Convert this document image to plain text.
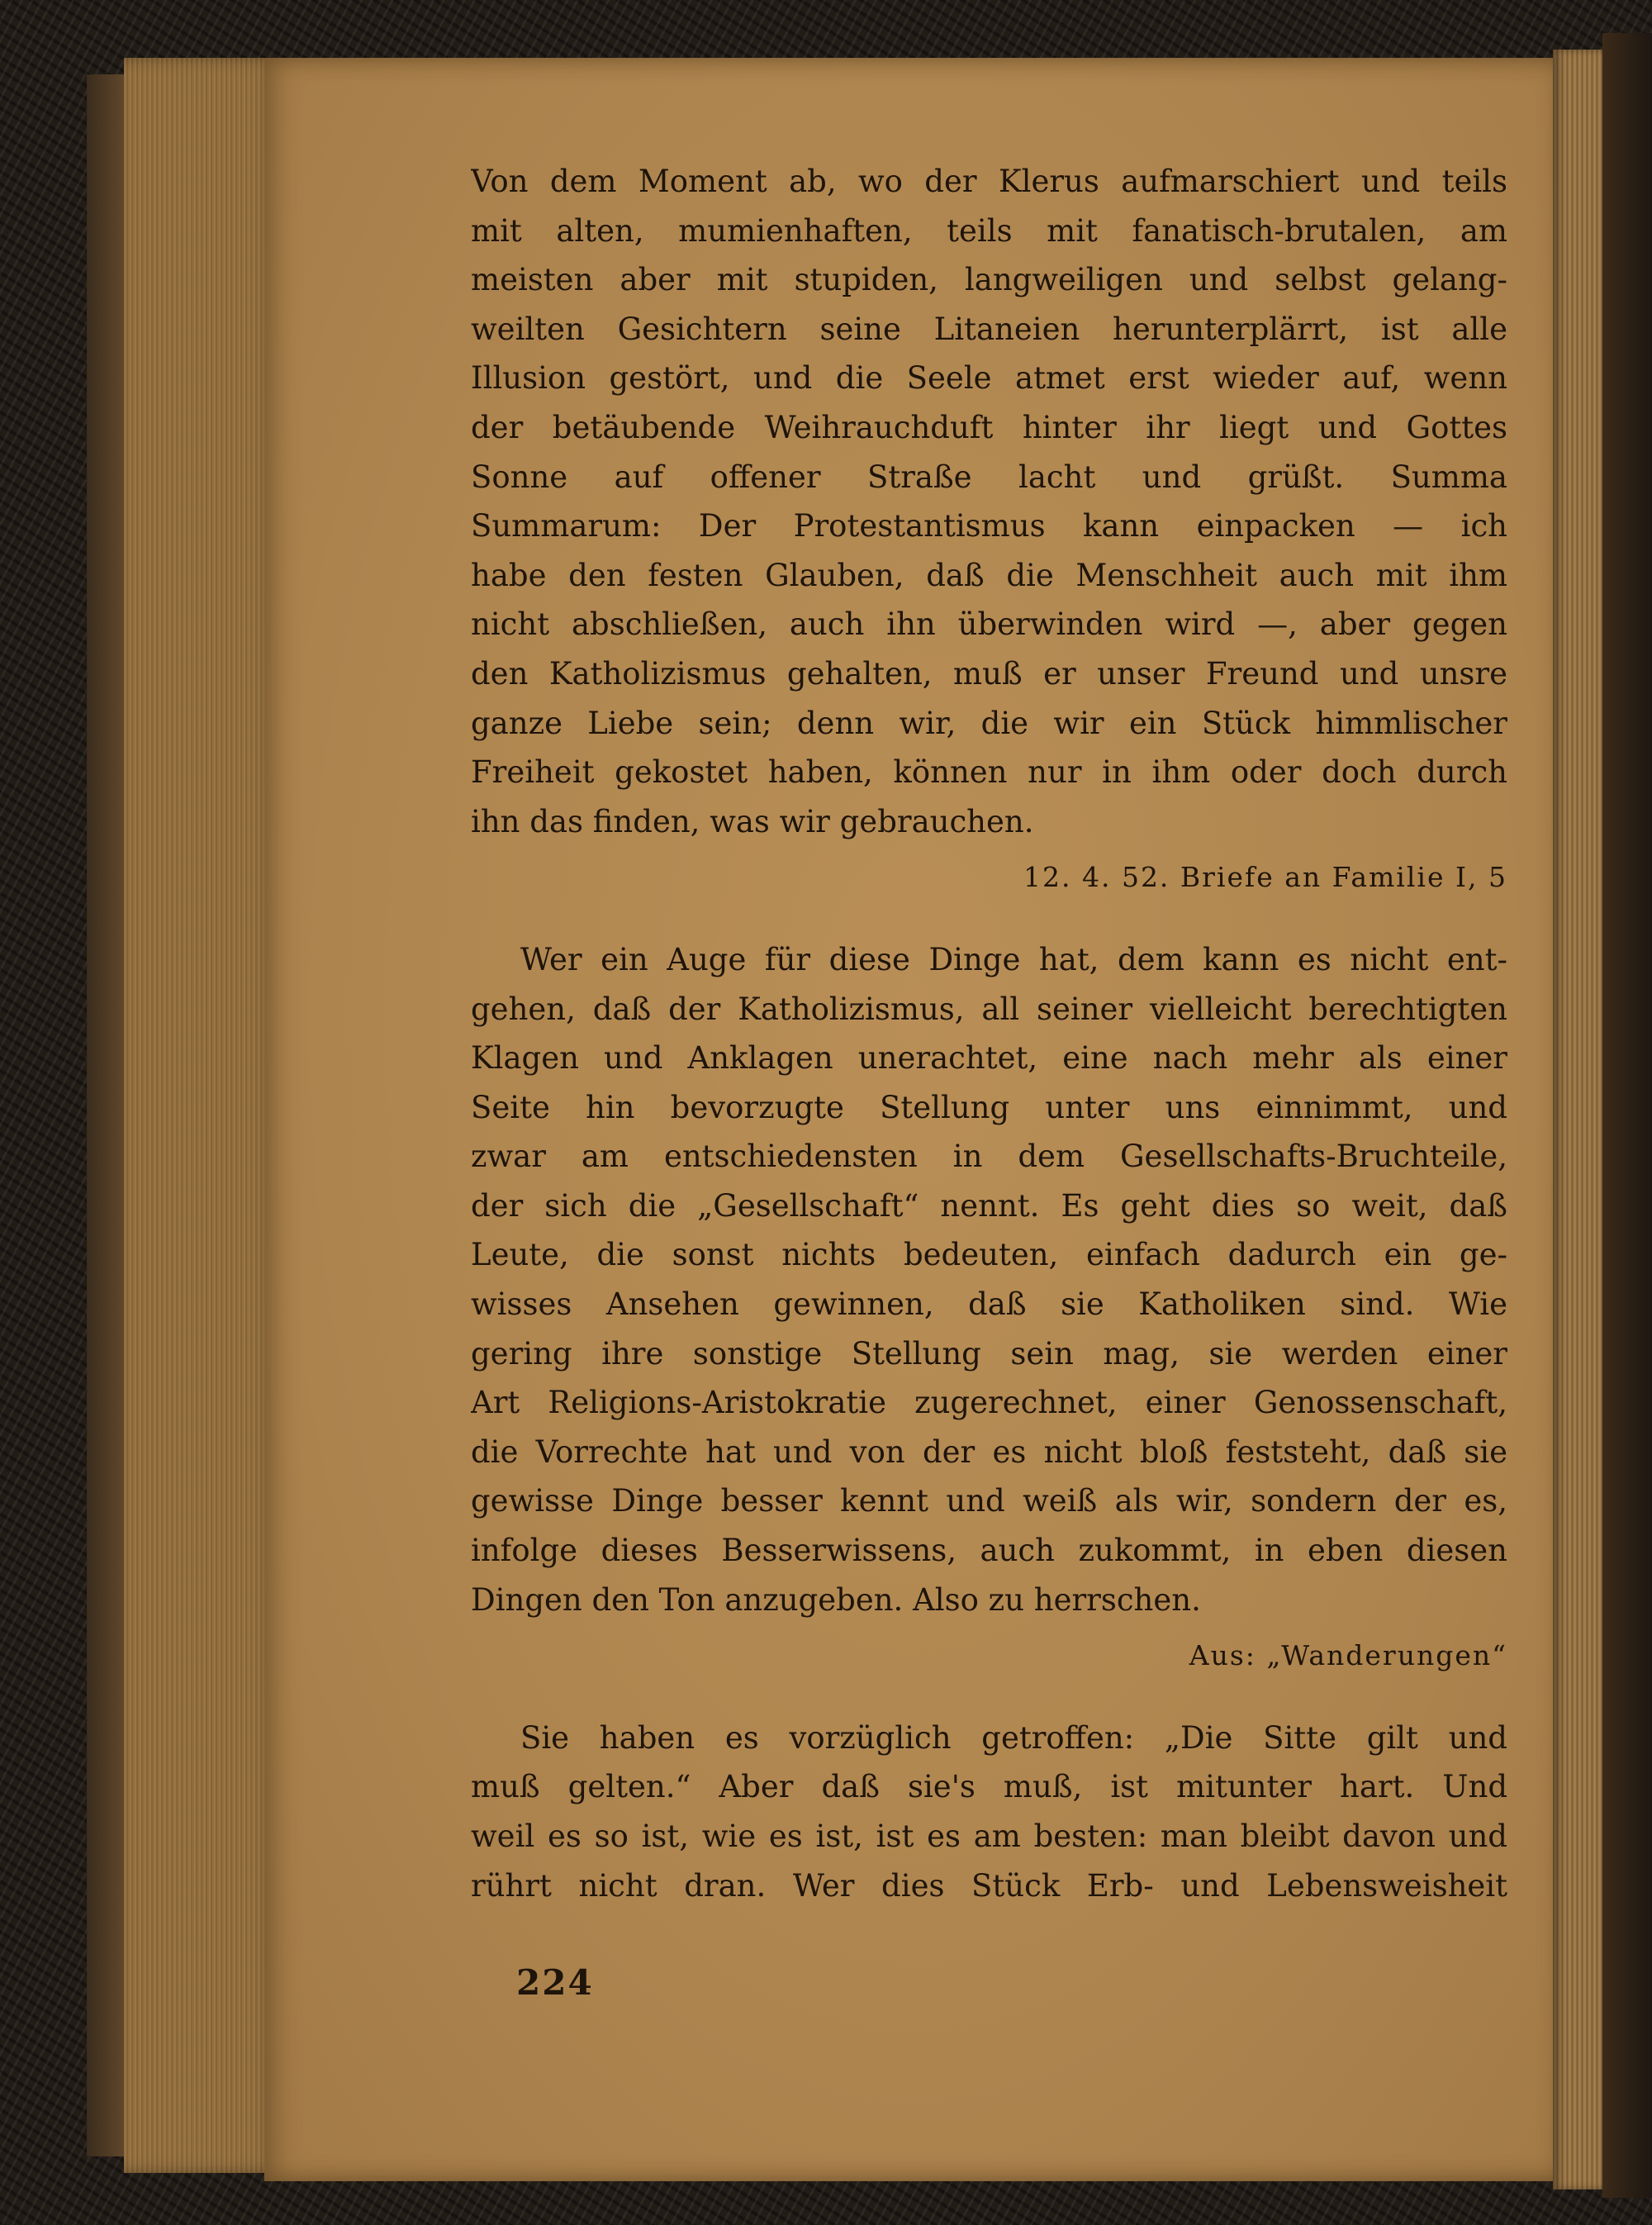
Von dem Moment ab, wo der Klerus aufmarschiert und teils
mit alten, mumienhaften, teils mit fanatisch-brutalen, am
meisten aber mit stupiden, langweiligen und selbst gelang-
weilten Gesichtern seine Litaneien herunterplärrt, ist alle
Illusion gestört, und die Seele atmet erst wieder auf, wenn
der betäubende Weihrauchduft hinter ihr liegt und Gottes
Sonne auf offener Straße lacht und grüßt. Summa
Summarum: Der Protestantismus kann einpacken — ich
habe den festen Glauben, daß die Menschheit auch mit ihm
nicht abschließen, auch ihn überwinden wird —, aber gegen
den Katholizismus gehalten, muß er unser Freund und unsre
ganze Liebe sein; denn wir, die wir ein Stück himmlischer
Freiheit gekostet haben, können nur in ihm oder doch durch
ihn das finden, was wir gebrauchen.
12. 4. 52. Briefe an Familie I, 5
Wer ein Auge für diese Dinge hat, dem kann es nicht ent-
gehen, daß der Katholizismus, all seiner vielleicht berechtigten
Klagen und Anklagen unerachtet, eine nach mehr als einer
Seite hin bevorzugte Stellung unter uns einnimmt, und
zwar am entschiedensten in dem Gesellschafts-Bruchteile,
der sich die „Gesellschaft“ nennt. Es geht dies so weit, daß
Leute, die sonst nichts bedeuten, einfach dadurch ein ge-
wisses Ansehen gewinnen, daß sie Katholiken sind. Wie
gering ihre sonstige Stellung sein mag, sie werden einer
Art Religions-Aristokratie zugerechnet, einer Genossenschaft,
die Vorrechte hat und von der es nicht bloß feststeht, daß sie
gewisse Dinge besser kennt und weiß als wir, sondern der es,
infolge dieses Besserwissens, auch zukommt, in eben diesen
Dingen den Ton anzugeben. Also zu herrschen.
Aus: „Wanderungen“
Sie haben es vorzüglich getroffen: „Die Sitte gilt und
muß gelten.“ Aber daß sie's muß, ist mitunter hart. Und
weil es so ist, wie es ist, ist es am besten: man bleibt davon und
rührt nicht dran. Wer dies Stück Erb- und Lebensweisheit
224
